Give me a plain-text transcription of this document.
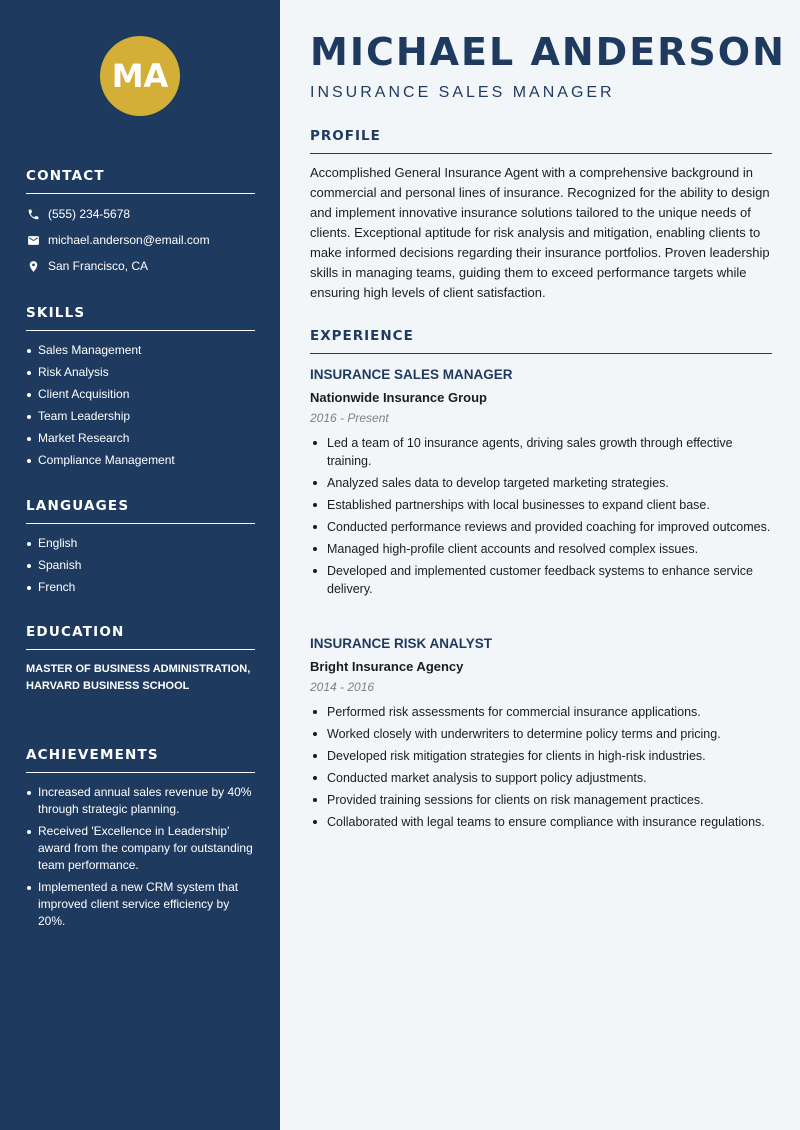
MA
CONTACT
(555) 234-5678
michael.anderson@email.com
San Francisco, CA
SKILLS
Sales Management
Risk Analysis
Client Acquisition
Team Leadership
Market Research
Compliance Management
LANGUAGES
English
Spanish
French
EDUCATION
MASTER OF BUSINESS ADMINISTRATION, HARVARD BUSINESS SCHOOL
ACHIEVEMENTS
Increased annual sales revenue by 40% through strategic planning.
Received 'Excellence in Leadership' award from the company for outstanding team performance.
Implemented a new CRM system that improved client service efficiency by 20%.
MICHAEL ANDERSON
INSURANCE SALES MANAGER
PROFILE

Accomplished General Insurance Agent with a comprehensive background in commercial and personal lines of insurance. Recognized for the ability to design and implement innovative insurance solutions tailored to the unique needs of clients. Exceptional aptitude for risk analysis and mitigation, enabling clients to make informed decisions regarding their insurance portfolios. Proven leadership skills in managing teams, guiding them to exceed performance targets while ensuring high levels of client satisfaction.

EXPERIENCE
INSURANCE SALES MANAGER
Nationwide Insurance Group
2016 - Present
Led a team of 10 insurance agents, driving sales growth through effective training.
Analyzed sales data to develop targeted marketing strategies.
Established partnerships with local businesses to expand client base.
Conducted performance reviews and provided coaching for improved outcomes.
Managed high-profile client accounts and resolved complex issues.
Developed and implemented customer feedback systems to enhance service delivery.
INSURANCE RISK ANALYST
Bright Insurance Agency
2014 - 2016
Performed risk assessments for commercial insurance applications.
Worked closely with underwriters to determine policy terms and pricing.
Developed risk mitigation strategies for clients in high-risk industries.
Conducted market analysis to support policy adjustments.
Provided training sessions for clients on risk management practices.
Collaborated with legal teams to ensure compliance with insurance regulations.
